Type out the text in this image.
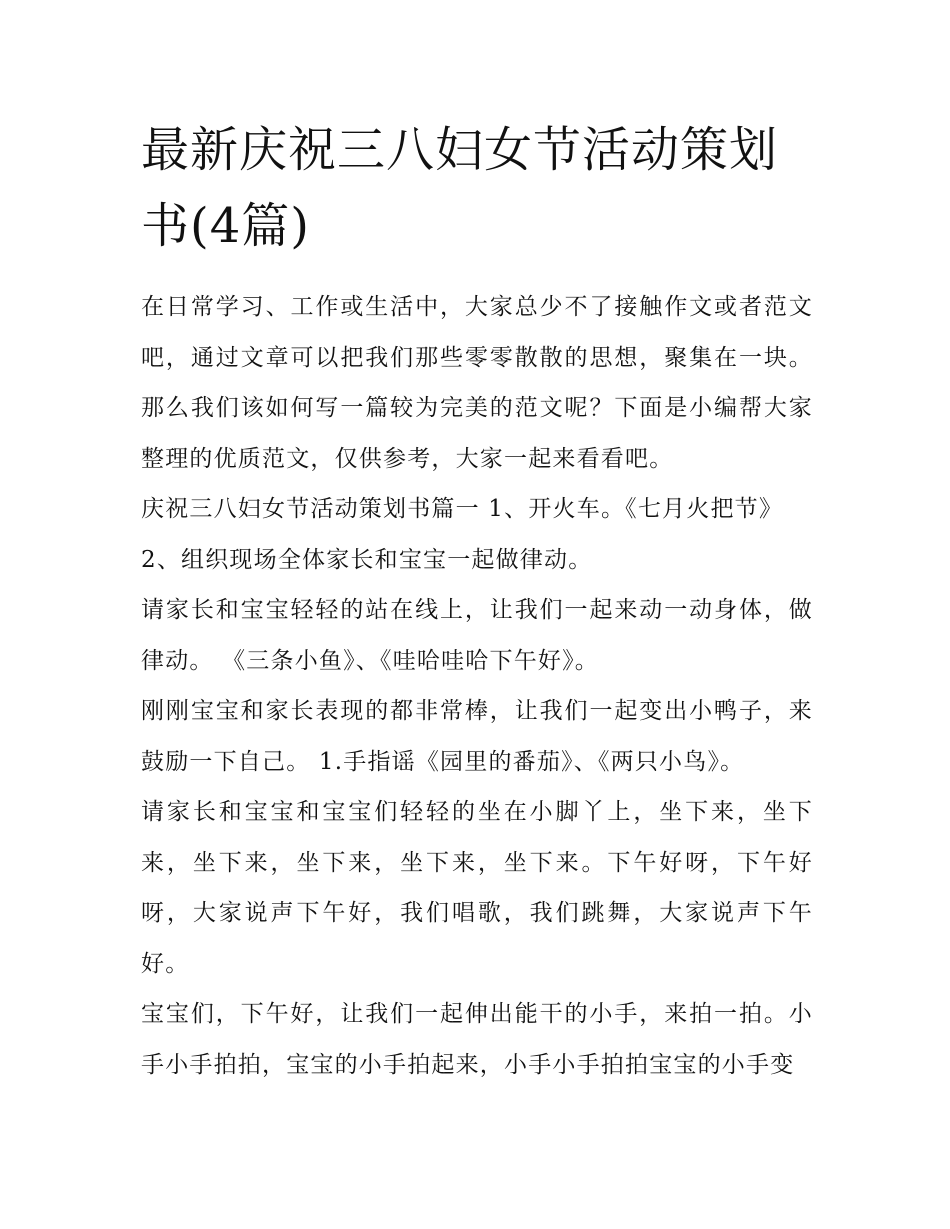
最新庆祝三八妇女节活动策划书(4篇)

在日常学习、工作或生活中，大家总少不了接触作文或者范文吧，通过文章可以把我们那些零零散散的思想，聚集在一块。那么我们该如何写一篇较为完美的范文呢？下面是小编帮大家整理的优质范文，仅供参考，大家一起来看看吧。

庆祝三八妇女节活动策划书篇一 1、开火车。《七月火把节》

2、组织现场全体家长和宝宝一起做律动。

请家长和宝宝轻轻的站在线上，让我们一起来动一动身体，做律动。 《三条小鱼》、《哇哈哇哈下午好》。

刚刚宝宝和家长表现的都非常棒，让我们一起变出小鸭子，来鼓励一下自己。 1.手指谣《园里的番茄》、《两只小鸟》。

请家长和宝宝和宝宝们轻轻的坐在小脚丫上，坐下来，坐下来，坐下来，坐下来，坐下来，坐下来。下午好呀，下午好呀，大家说声下午好，我们唱歌，我们跳舞，大家说声下午好。

宝宝们，下午好，让我们一起伸出能干的小手，来拍一拍。小手小手拍拍，宝宝的小手拍起来，小手小手拍拍宝宝的小手变
